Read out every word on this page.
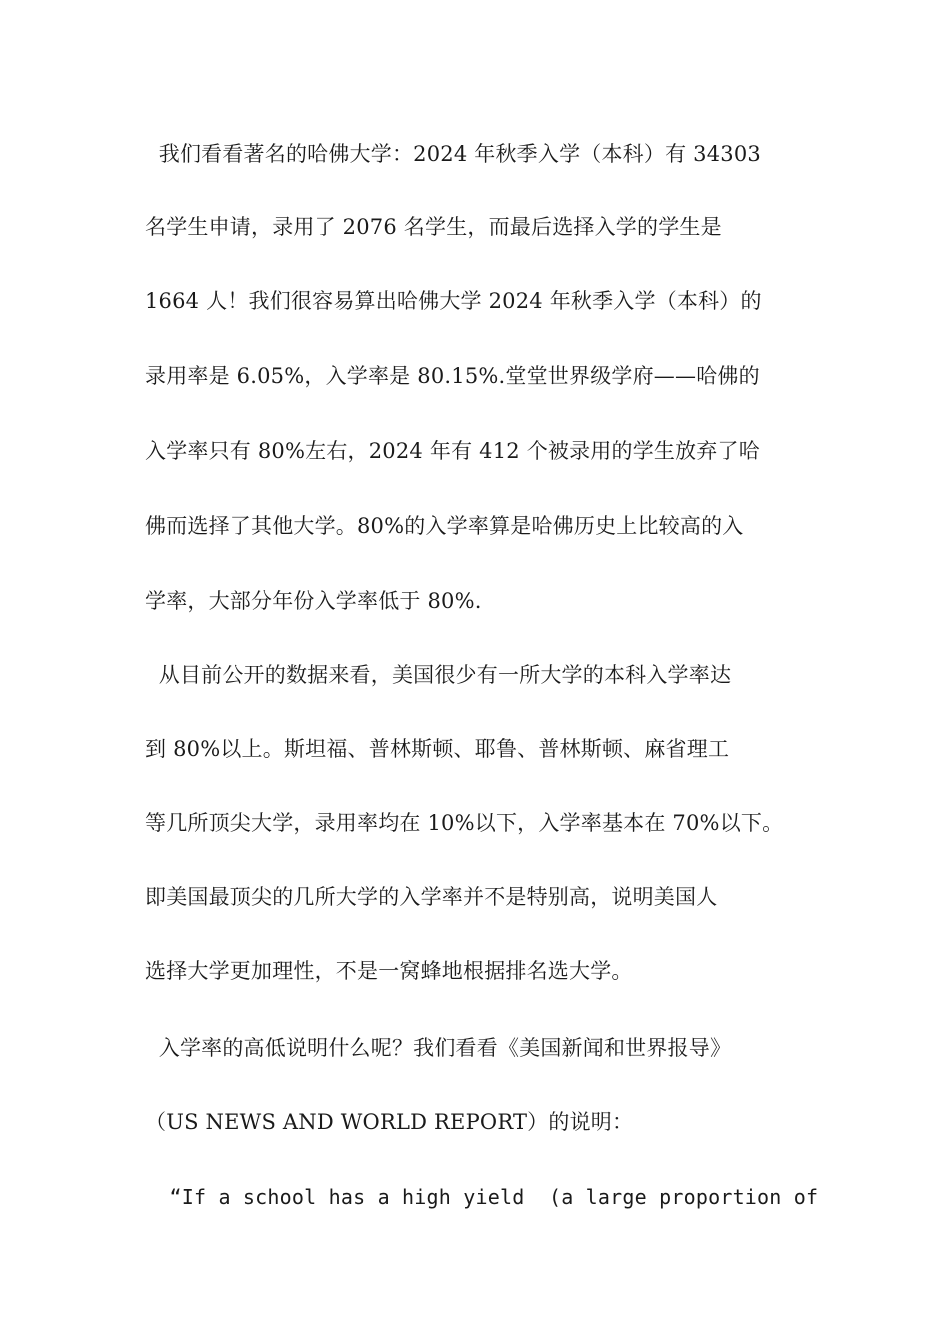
我们看看著名的哈佛大学：2024 年秋季入学（本科）有 34303
名学生申请，录用了 2076 名学生，而最后选择入学的学生是
1664 人！我们很容易算出哈佛大学 2024 年秋季入学（本科）的
录用率是 6.05%，入学率是 80.15%.堂堂世界级学府——哈佛的
入学率只有 80%左右，2024 年有 412 个被录用的学生放弃了哈
佛而选择了其他大学。80%的入学率算是哈佛历史上比较高的入
学率，大部分年份入学率低于 80%.
从目前公开的数据来看，美国很少有一所大学的本科入学率达
到 80%以上。斯坦福、普林斯顿、耶鲁、普林斯顿、麻省理工
等几所顶尖大学，录用率均在 10%以下，入学率基本在 70%以下。
即美国最顶尖的几所大学的入学率并不是特别高，说明美国人
选择大学更加理性，不是一窝蜂地根据排名选大学。
入学率的高低说明什么呢？我们看看《美国新闻和世界报导》
（US NEWS AND WORLD REPORT）的说明：
“If a school has a high yield  (a large proportion of
